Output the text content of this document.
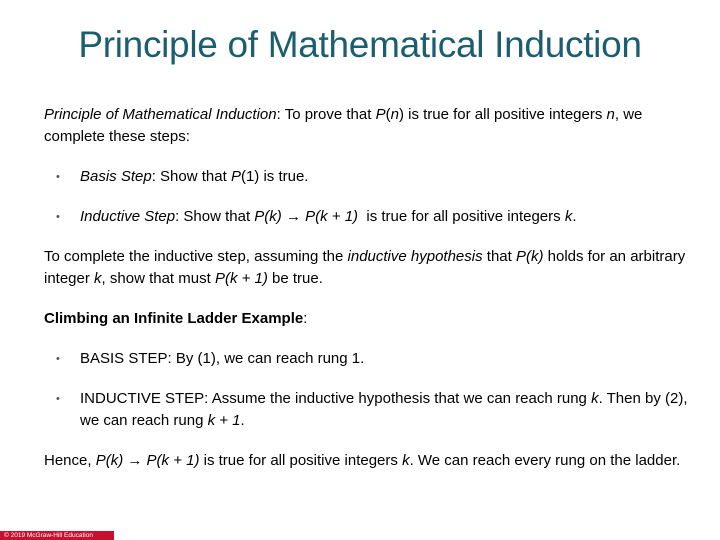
Principle of Mathematical Induction

Principle of Mathematical Induction: To prove that P(n) is true for all positive integers n, we complete these steps:

• Basis Step: Show that P(1) is true.
• Inductive Step: Show that P(k) → P(k + 1)  is true for all positive integers k.

To complete the inductive step, assuming the inductive hypothesis that P(k) holds for an arbitrary integer k, show that must P(k + 1) be true.

Climbing an Infinite Ladder Example:

• BASIS STEP: By (1), we can reach rung 1.
• INDUCTIVE STEP: Assume the inductive hypothesis that we can reach rung k. Then by (2), we can reach rung k + 1.

Hence, P(k) → P(k + 1) is true for all positive integers k. We can reach every rung on the ladder.

© 2019 McGraw-Hill Education
